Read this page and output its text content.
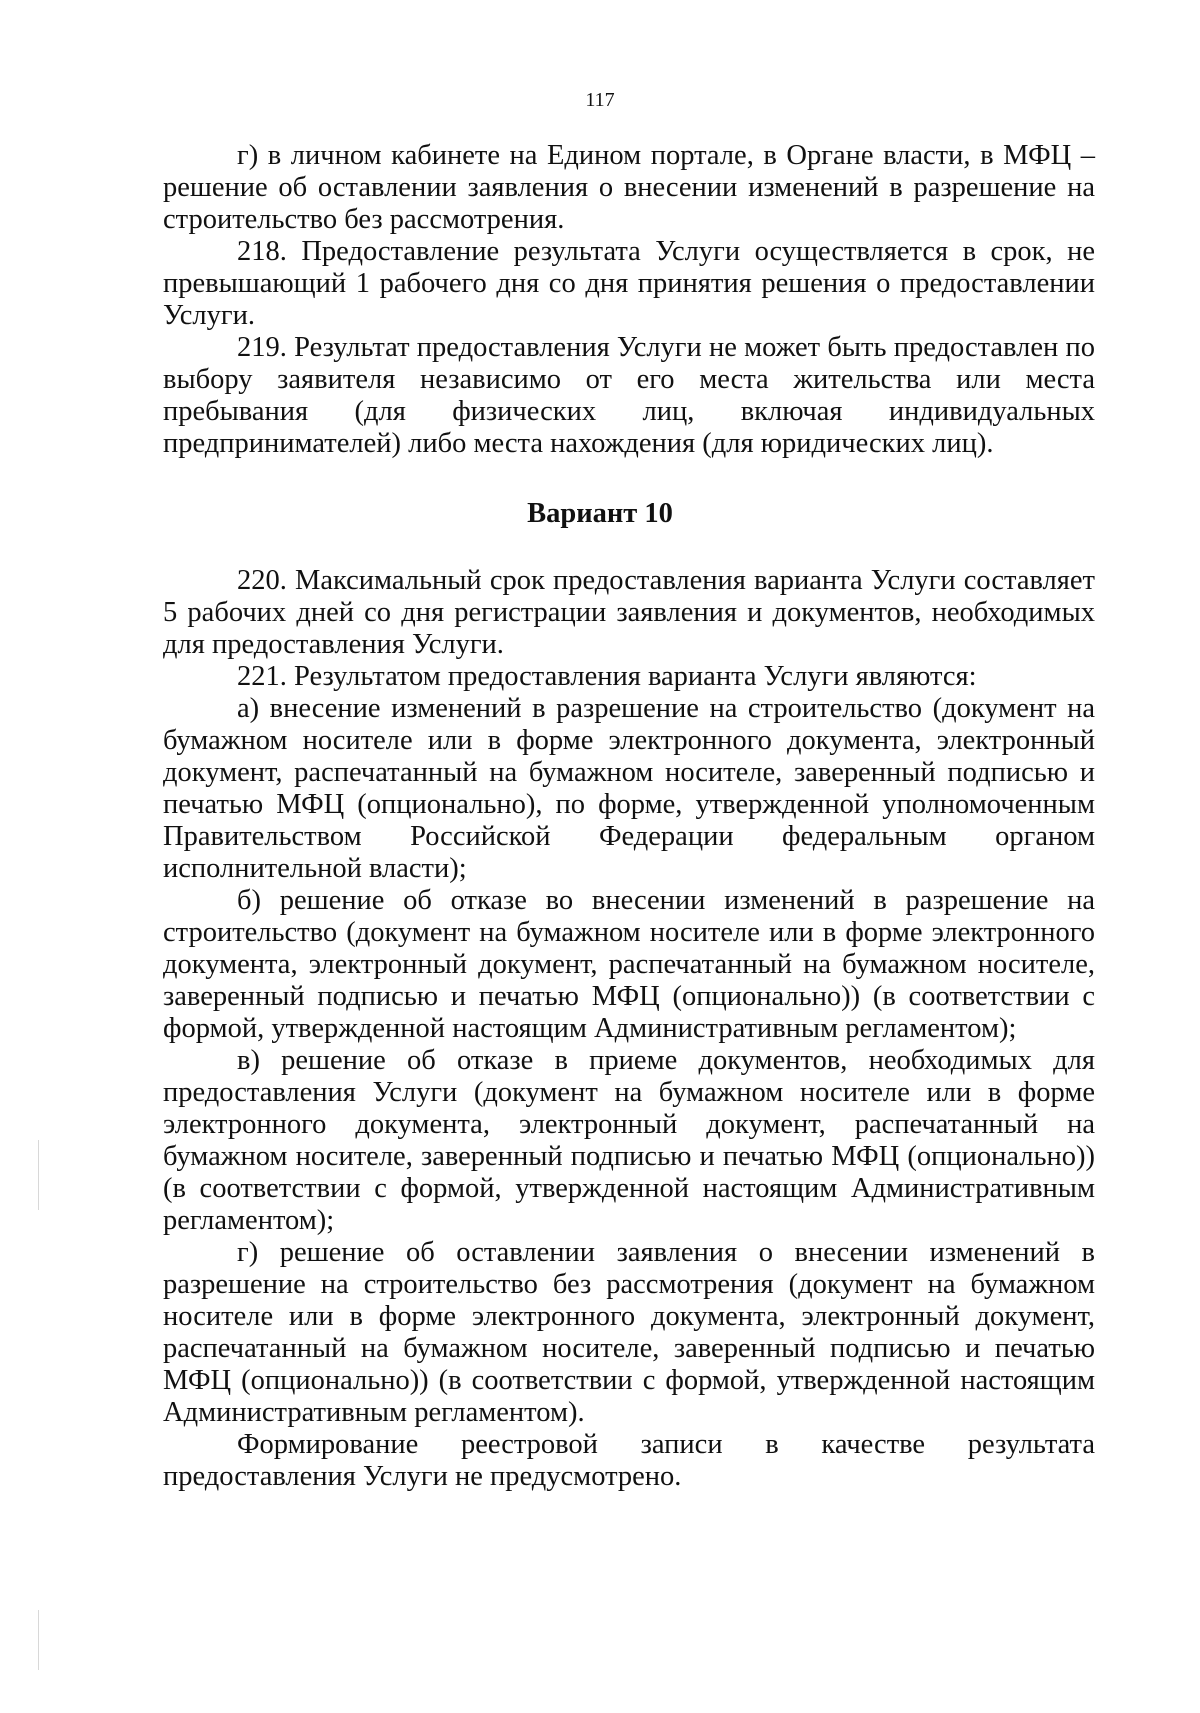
117

г) в личном кабинете на Едином портале, в Органе власти, в МФЦ – решение об оставлении заявления о внесении изменений в разрешение на строительство без рассмотрения.

218. Предоставление результата Услуги осуществляется в срок, не превышающий 1 рабочего дня со дня принятия решения о предоставлении Услуги.

219. Результат предоставления Услуги не может быть предоставлен по выбору заявителя независимо от его места жительства или места пребывания (для физических лиц, включая индивидуальных предпринимателей) либо места нахождения (для юридических лиц).

Вариант 10

220. Максимальный срок предоставления варианта Услуги составляет 5 рабочих дней со дня регистрации заявления и документов, необходимых для предоставления Услуги.

221. Результатом предоставления варианта Услуги являются:

а) внесение изменений в разрешение на строительство (документ на бумажном носителе или в форме электронного документа, электронный документ, распечатанный на бумажном носителе, заверенный подписью и печатью МФЦ (опционально), по форме, утвержденной уполномоченным Правительством Российской Федерации федеральным органом исполнительной власти);

б) решение об отказе во внесении изменений в разрешение на строительство (документ на бумажном носителе или в форме электронного документа, электронный документ, распечатанный на бумажном носителе, заверенный подписью и печатью МФЦ (опционально)) (в соответствии с формой, утвержденной настоящим Административным регламентом);

в) решение об отказе в приеме документов, необходимых для предоставления Услуги (документ на бумажном носителе или в форме электронного документа, электронный документ, распечатанный на бумажном носителе, заверенный подписью и печатью МФЦ (опционально)) (в соответствии с формой, утвержденной настоящим Административным регламентом);

г) решение об оставлении заявления о внесении изменений в разрешение на строительство без рассмотрения (документ на бумажном носителе или в форме электронного документа, электронный документ, распечатанный на бумажном носителе, заверенный подписью и печатью МФЦ (опционально)) (в соответствии с формой, утвержденной настоящим Административным регламентом).

Формирование реестровой записи в качестве результата предоставления Услуги не предусмотрено.
